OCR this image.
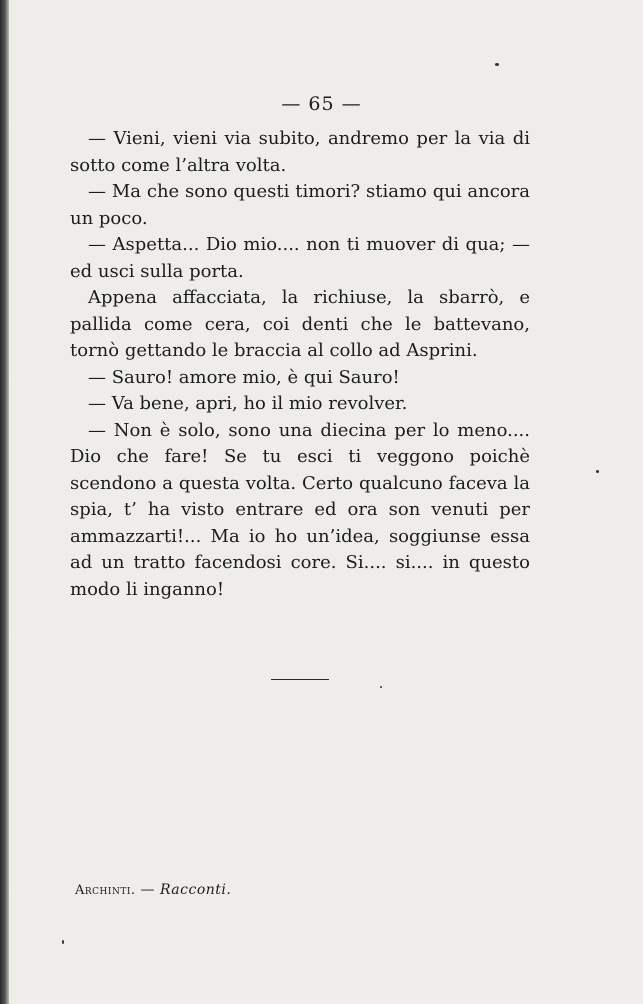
— 65 —

— Vieni, vieni via subito, andremo per la via di sotto come l’altra volta.

— Ma che sono questi timori? stiamo qui ancora un poco.

— Aspetta... Dio mio.... non ti muover di qua; — ed usci sulla porta.

Appena affacciata, la richiuse, la sbarrò, e pallida come cera, coi denti che le battevano, tornò gettando le braccia al collo ad Asprini.

— Sauro! amore mio, è qui Sauro!

— Va bene, apri, ho il mio revolver.

— Non è solo, sono una diecina per lo meno.... Dio che fare! Se tu esci ti veggono poichè scendono a questa volta. Certo qualcuno faceva la spia, t’ ha visto entrare ed ora son venuti per ammazzarti!... Ma io ho un’idea, soggiunse essa ad un tratto facendosi core. Si.... si.... in questo modo li inganno!

Archinti. — Racconti.
